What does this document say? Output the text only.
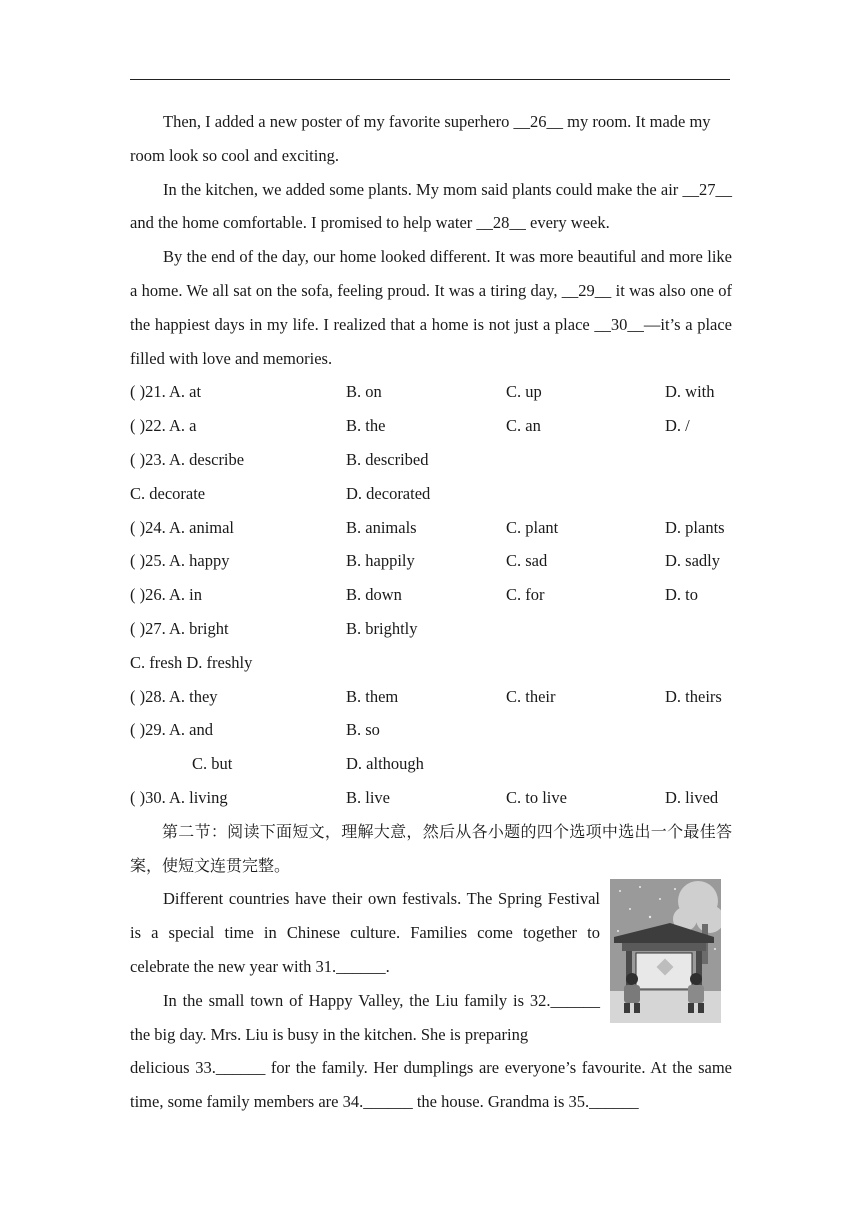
Then, I added a new poster of my favorite superhero __26__ my room. It made my
room look so cool and exciting.

In the kitchen, we added some plants. My mom said plants could make the air __27__ and the home comfortable. I promised to help water __28__ every week.

By the end of the day, our home looked different. It was more beautiful and more like a home. We all sat on the sofa, feeling proud. It was a tiring day, __29__ it was also one of the happiest days in my life. I realized that a home is not just a place __30__—it’s a place filled with love and memories.

( )21. A. at	B. on	C. up	D. with
( )22. A. a	B. the	C. an	D. /
( )23. A. describe	B. described
C. decorate	D. decorated
( )24. A. animal	B. animals	C. plant	D. plants
( )25. A. happy	B. happily	C. sad	D. sadly
( )26. A. in	B. down	C. for	D. to
( )27. A. bright	B. brightly
C. fresh D. freshly
( )28. A. they	B. them	C. their	D. theirs
( )29. A. and	B. so
C. but	D. although
( )30. A. living	B. live	C. to live	D. lived

第二节：阅读下面短文，理解大意，然后从各小题的四个选项中选出一个最佳答案，使短文连贯完整。

Different countries have their own festivals. The Spring Festival is a special time in Chinese culture. Families come together to celebrate the new year with 31.______.

In the small town of Happy Valley, the Liu family is 32.______ the big day. Mrs. Liu is busy in the kitchen. She is preparing

delicious 33.______ for the family. Her dumplings are everyone’s favourite. At the same time, some family members are 34.______ the house. Grandma is 35.______
